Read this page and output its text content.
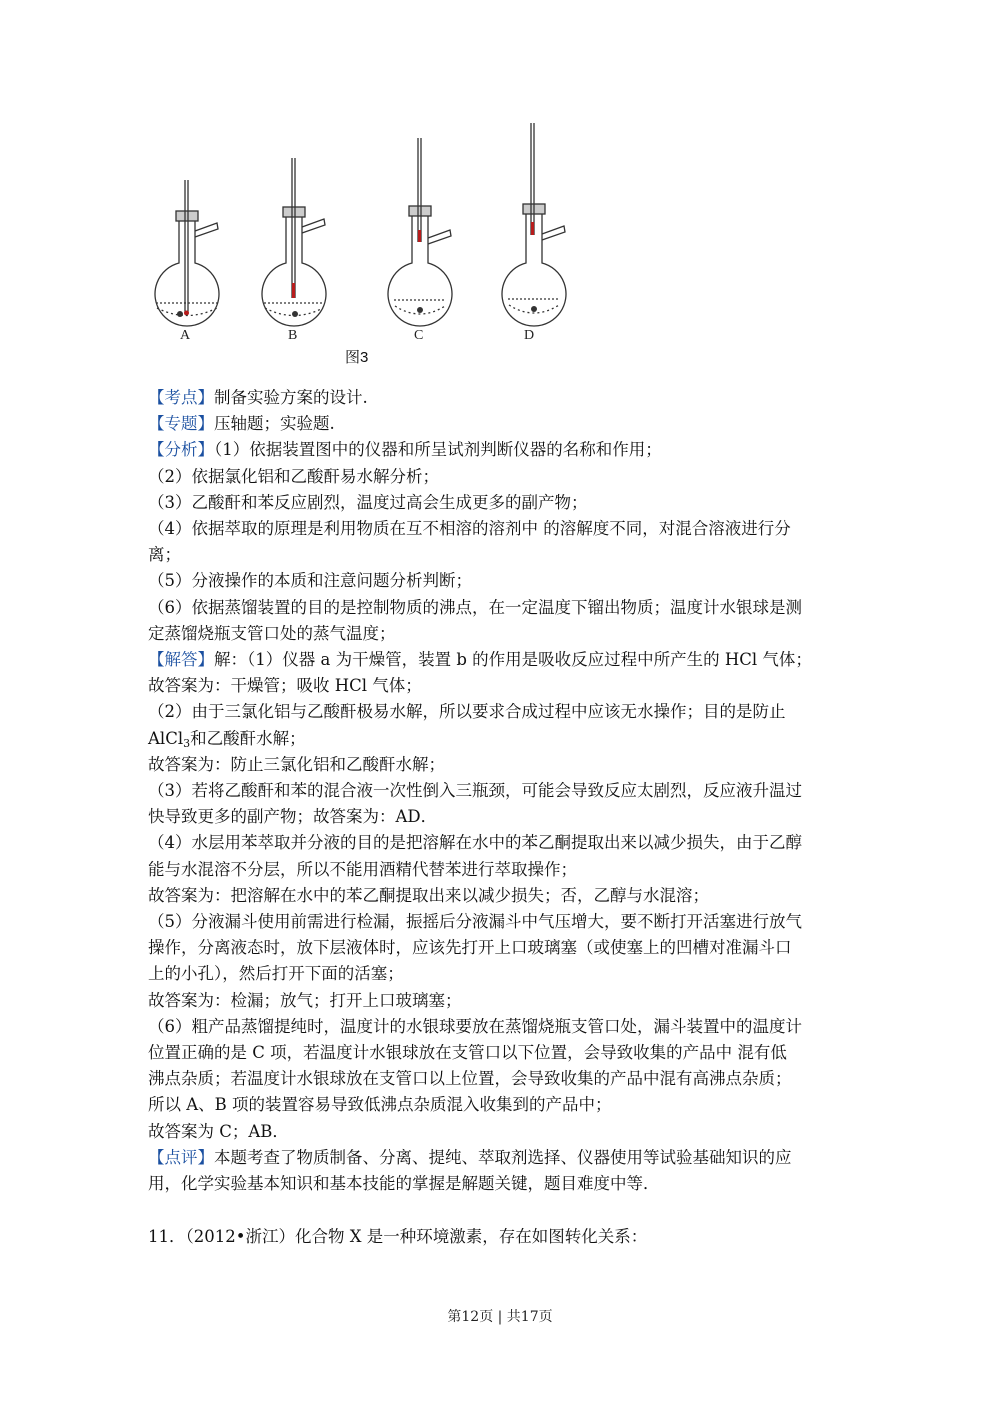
A	B	C	D
图3

【考点】制备实验方案的设计.

【专题】压轴题；实验题.

【分析】（1）依据装置图中的仪器和所呈试剂判断仪器的名称和作用；

（2）依据氯化铝和乙酸酐易水解分析；

（3）乙酸酐和苯反应剧烈，温度过高会生成更多的副产物；

（4）依据萃取的原理是利用物质在互不相溶的溶剂中 的溶解度不同，对混合溶液进行分

离；

（5）分液操作的本质和注意问题分析判断；

（6）依据蒸馏装置的目的是控制物质的沸点，在一定温度下镏出物质；温度计水银球是测

定蒸馏烧瓶支管口处的蒸气温度；

【解答】解：（1）仪器 a 为干燥管，装置 b 的作用是吸收反应过程中所产生的 HCl 气体；

故答案为：干燥管；吸收 HCl 气体；

（2）由于三氯化铝与乙酸酐极易水解，所以要求合成过程中应该无水操作；目的是防止

AlCl$_3$和乙酸酐水解；

故答案为：防止三氯化铝和乙酸酐水解；

（3）若将乙酸酐和苯的混合液一次性倒入三瓶颈，可能会导致反应太剧烈，反应液升温过

快导致更多的副产物；故答案为：AD．

（4）水层用苯萃取并分液的目的是把溶解在水中的苯乙酮提取出来以减少损失，由于乙醇

能与水混溶不分层，所以不能用酒精代替苯进行萃取操作；

故答案为：把溶解在水中的苯乙酮提取出来以减少损失；否，乙醇与水混溶；

（5）分液漏斗使用前需进行检漏，振摇后分液漏斗中气压增大，要不断打开活塞进行放气

操作，分离液态时，放下层液体时，应该先打开上口玻璃塞（或使塞上的凹槽对准漏斗口

上的小孔），然后打开下面的活塞；

故答案为：检漏；放气；打开上口玻璃塞；

（6）粗产品蒸馏提纯时，温度计的水银球要放在蒸馏烧瓶支管口处，漏斗装置中的温度计

位置正确的是 C 项，若温度计水银球放在支管口以下位置，会导致收集的产品中 混有低

沸点杂质；若温度计水银球放在支管口以上位置，会导致收集的产品中混有高沸点杂质；

所以 A、B 项的装置容易导致低沸点杂质混入收集到的产品中；

故答案为 C；AB．

【点评】本题考查了物质制备、分离、提纯、萃取剂选择、仪器使用等试验基础知识的应

用，化学实验基本知识和基本技能的掌握是解题关键，题目难度中等．

11．（2012•浙江）化合物 X 是一种环境激素，存在如图转化关系：
第12页 | 共17页
